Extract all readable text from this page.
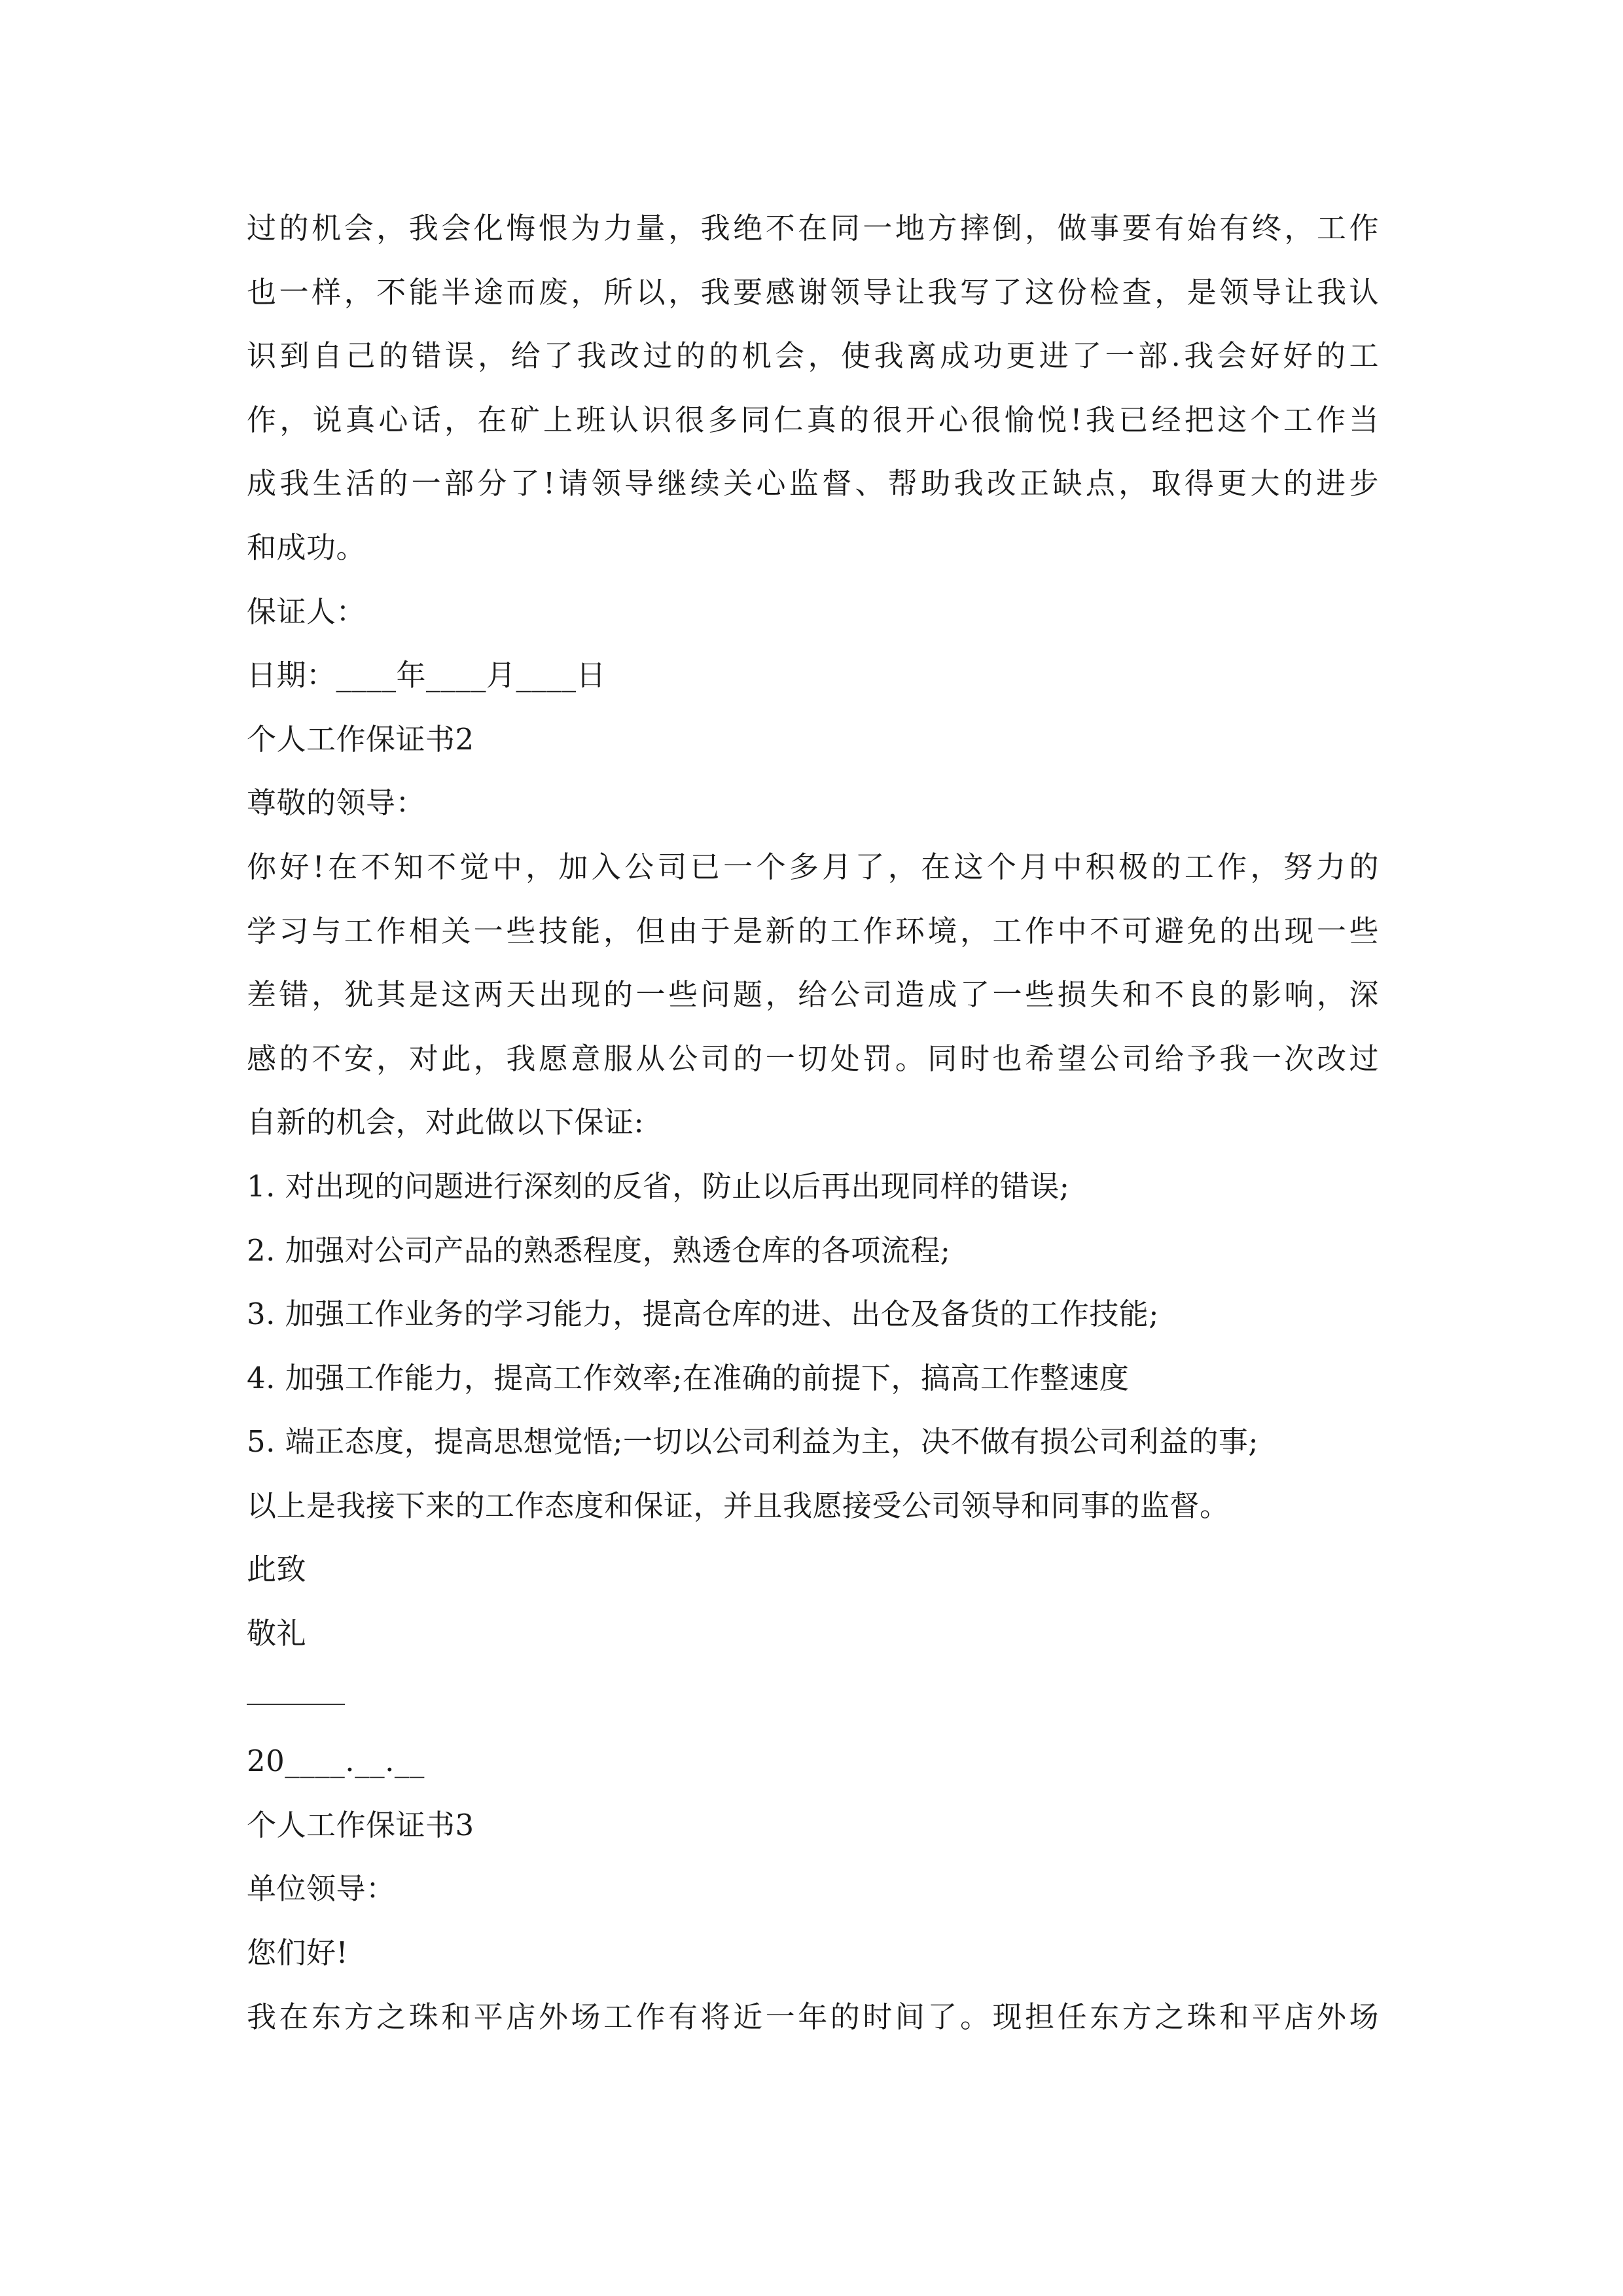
过的机会，我会化悔恨为力量，我绝不在同一地方摔倒，做事要有始有终，工作
也一样，不能半途而废，所以，我要感谢领导让我写了这份检查，是领导让我认
识到自己的错误，给了我改过的的机会，使我离成功更进了一部.我会好好的工
作，说真心话，在矿上班认识很多同仁真的很开心很愉悦!我已经把这个工作当
成我生活的一部分了!请领导继续关心监督、帮助我改正缺点，取得更大的进步
和成功。
保证人：
日期：____年____月____日
个人工作保证书2
尊敬的领导：
你好!在不知不觉中，加入公司已一个多月了，在这个月中积极的工作，努力的
学习与工作相关一些技能，但由于是新的工作环境，工作中不可避免的出现一些
差错，犹其是这两天出现的一些问题，给公司造成了一些损失和不良的影响，深
感的不安，对此，我愿意服从公司的一切处罚。同时也希望公司给予我一次改过
自新的机会，对此做以下保证:
1. 对出现的问题进行深刻的反省，防止以后再出现同样的错误;
2. 加强对公司产品的熟悉程度，熟透仓库的各项流程;
3. 加强工作业务的学习能力，提高仓库的进、出仓及备货的工作技能;
4. 加强工作能力，提高工作效率;在准确的前提下，搞高工作整速度
5. 端正态度，提高思想觉悟;一切以公司利益为主，决不做有损公司利益的事;
以上是我接下来的工作态度和保证，并且我愿接受公司领导和同事的监督。
此致
敬礼
20____.__.__
个人工作保证书3
单位领导：
您们好!
我在东方之珠和平店外场工作有将近一年的时间了。现担任东方之珠和平店外场
